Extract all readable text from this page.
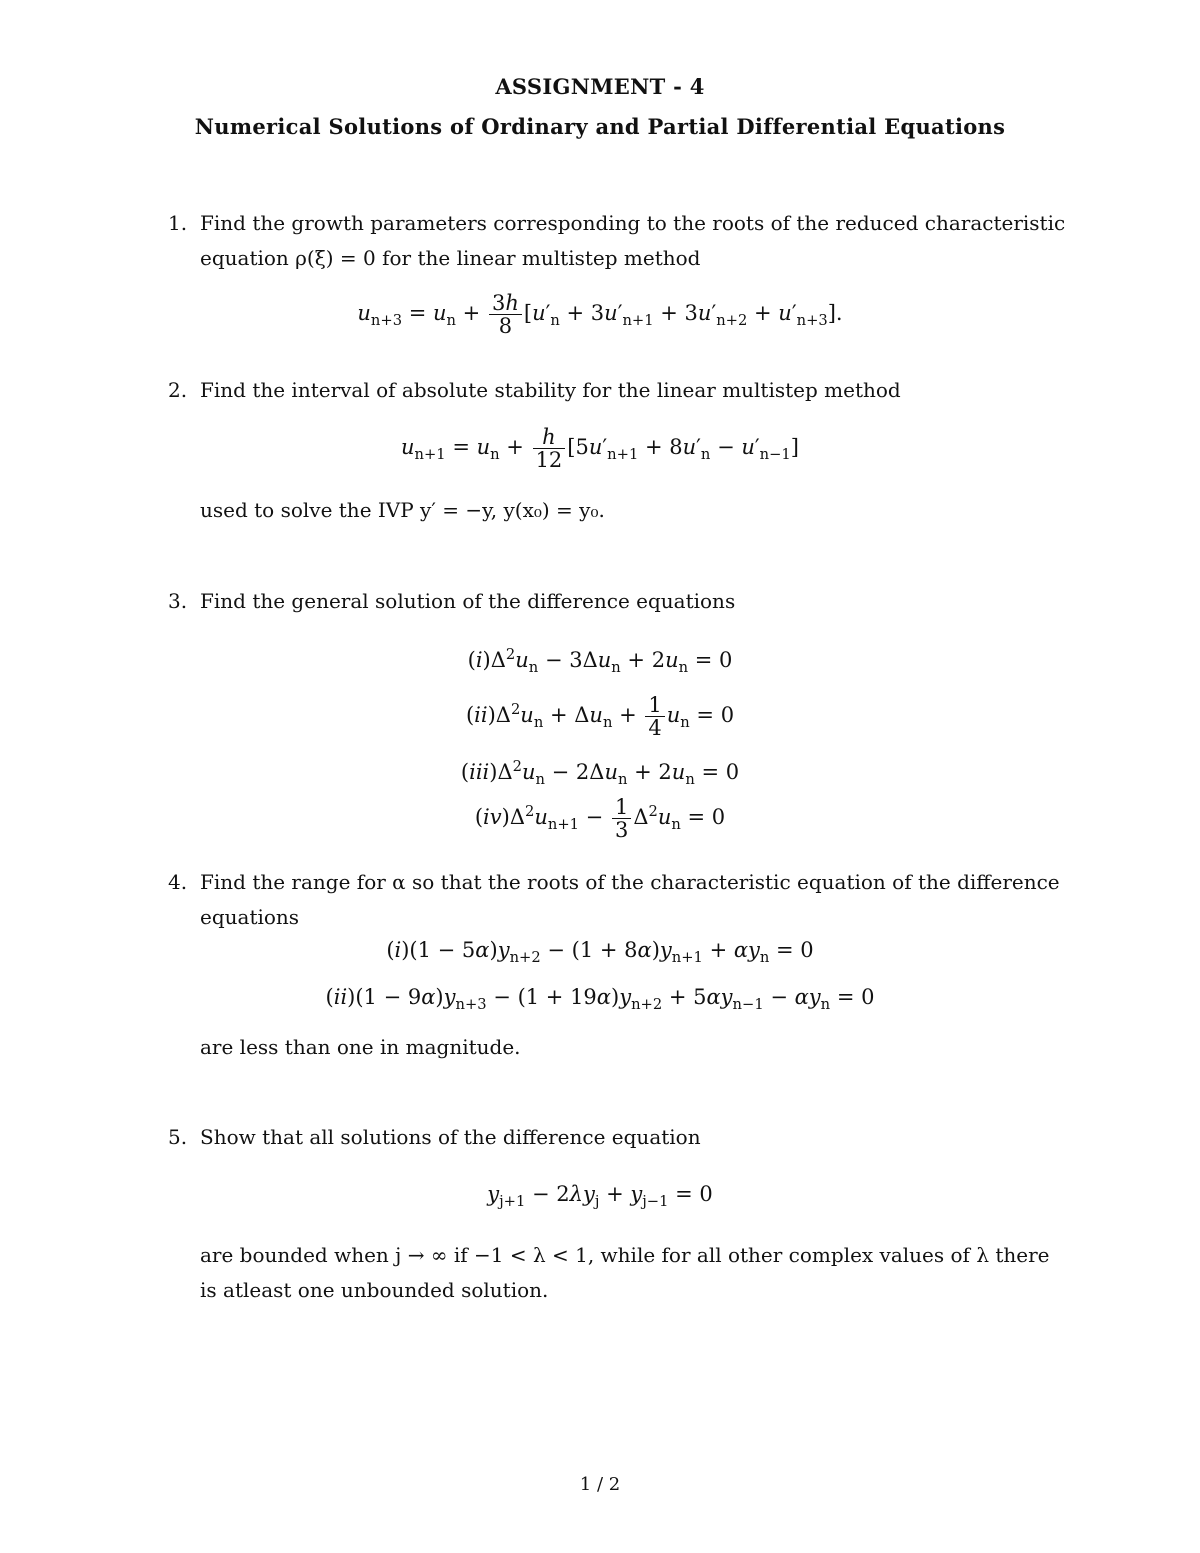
ASSIGNMENT - 4
Numerical Solutions of Ordinary and Partial Differential Equations
1. Find the growth parameters corresponding to the roots of the reduced characteristic equation ρ(ξ) = 0 for the linear multistep method
$u_{n+3} = u_n + \frac{3h}{8} [u'_n + 3u'_{n+1} + 3u'_{n+2} + u'_{n+3}]$.
2. Find the interval of absolute stability for the linear multistep method
$u_{n+1} = u_n + \frac{h}{12} [5u'_{n+1} + 8u'_n - u'_{n-1}]$
used to solve the IVP y′ = −y, y(x₀) = y₀.
3. Find the general solution of the difference equations
$(i)\Delta^2u_n - 3\Delta u_n + 2u_n = 0$
$(ii)\Delta^2u_n + \Delta u_n + \frac{1}{4} u_n = 0$
$(iii)\Delta^2u_n - 2\Delta u_n + 2u_n = 0$
$(iv)\Delta^2u_{n+1} - \frac{1}{3} \Delta^2u_n = 0$
4. Find the range for α so that the roots of the characteristic equation of the difference equations
$(i)(1 - 5\alpha)y_{n+2} - (1 + 8\alpha)y_{n+1} + \alpha y_n = 0$
$(ii)(1 - 9\alpha)y_{n+3} - (1 + 19\alpha)y_{n+2} + 5\alpha y_{n-1} - \alpha y_n = 0$
are less than one in magnitude.
5. Show that all solutions of the difference equation
$y_{j+1} - 2\lambda y_j + y_{j-1} = 0$
are bounded when j → ∞ if −1 < λ < 1, while for all other complex values of λ there is atleast one unbounded solution.
1 / 2
